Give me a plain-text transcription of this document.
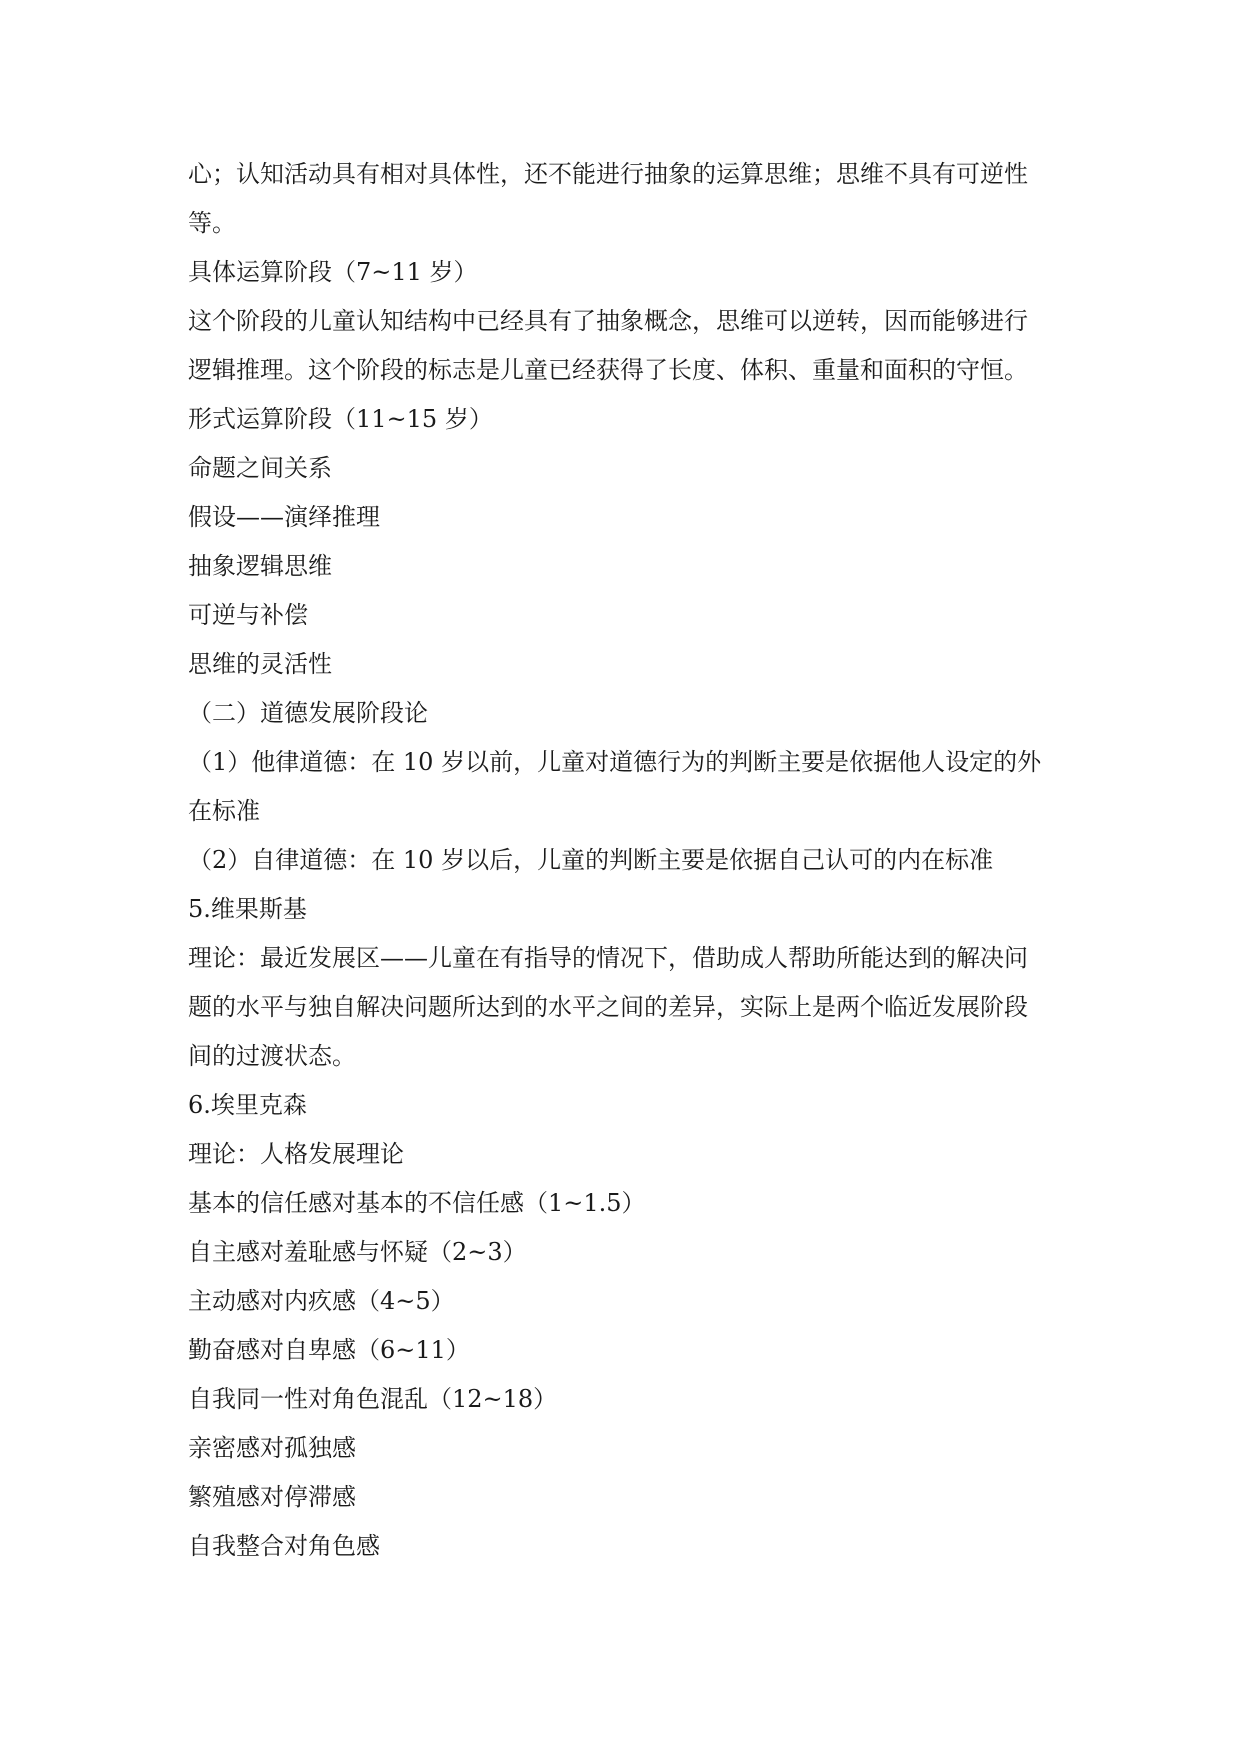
心；认知活动具有相对具体性，还不能进行抽象的运算思维；思维不具有可逆性

等。

具体运算阶段（7~11 岁）

这个阶段的儿童认知结构中已经具有了抽象概念，思维可以逆转，因而能够进行

逻辑推理。这个阶段的标志是儿童已经获得了长度、体积、重量和面积的守恒。

形式运算阶段（11~15 岁）

命题之间关系

假设——演绎推理

抽象逻辑思维

可逆与补偿

思维的灵活性

（二）道德发展阶段论

（1）他律道德：在 10 岁以前，儿童对道德行为的判断主要是依据他人设定的外

在标准

（2）自律道德：在 10 岁以后，儿童的判断主要是依据自己认可的内在标准

5.维果斯基

理论：最近发展区——儿童在有指导的情况下，借助成人帮助所能达到的解决问

题的水平与独自解决问题所达到的水平之间的差异，实际上是两个临近发展阶段

间的过渡状态。

6.埃里克森

理论：人格发展理论

基本的信任感对基本的不信任感（1~1.5）

自主感对羞耻感与怀疑（2~3）

主动感对内疚感（4~5）

勤奋感对自卑感（6~11）

自我同一性对角色混乱（12~18）

亲密感对孤独感

繁殖感对停滞感

自我整合对角色感
